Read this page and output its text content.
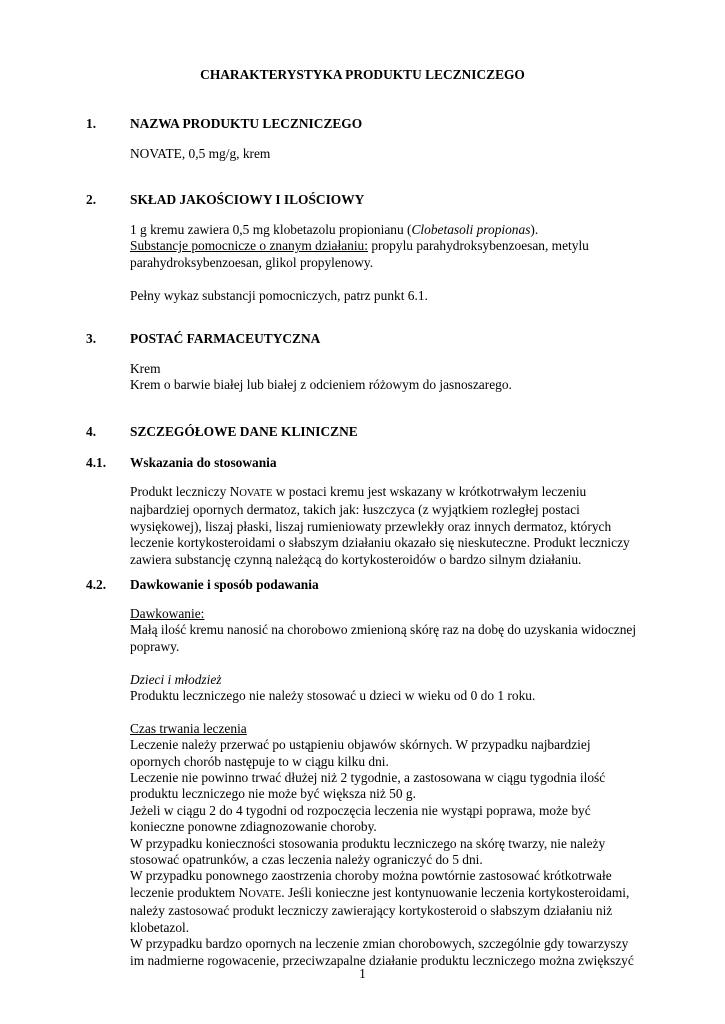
CHARAKTERYSTYKA PRODUKTU LECZNICZEGO
1.	NAZWA PRODUKTU LECZNICZEGO

NOVATE, 0,5 mg/g, krem

2.	SKŁAD JAKOŚCIOWY I ILOŚCIOWY

1 g kremu zawiera 0,5 mg klobetazolu propionianu (Clobetasoli propionas).

Substancje pomocnicze o znanym działaniu: propylu parahydroksybenzoesan, metylu

parahydroksybenzoesan, glikol propylenowy.

Pełny wykaz substancji pomocniczych, patrz punkt 6.1.

3.	POSTAĆ FARMACEUTYCZNA

Krem

Krem o barwie białej lub białej z odcieniem różowym do jasnoszarego.

4.	SZCZEGÓŁOWE DANE KLINICZNE
4.1. Wskazania do stosowania

Produkt leczniczy NOVATE w postaci kremu jest wskazany w krótkotrwałym leczeniu

najbardziej opornych dermatoz, takich jak: łuszczyca (z wyjątkiem rozległej postaci

wysiękowej), liszaj płaski, liszaj rumieniowaty przewlekły oraz innych dermatoz, których

leczenie kortykosteroidami o słabszym działaniu okazało się nieskuteczne. Produkt leczniczy

zawiera substancję czynną należącą do kortykosteroidów o bardzo silnym działaniu.

4.2. Dawkowanie i sposób podawania

Dawkowanie:

Małą ilość kremu nanosić na chorobowo zmienioną skórę raz na dobę do uzyskania widocznej

poprawy.

Dzieci i młodzież

Produktu leczniczego nie należy stosować u dzieci w wieku od 0 do 1 roku.

Czas trwania leczenia

Leczenie należy przerwać po ustąpieniu objawów skórnych. W przypadku najbardziej

opornych chorób następuje to w ciągu kilku dni.

Leczenie nie powinno trwać dłużej niż 2 tygodnie, a zastosowana w ciągu tygodnia ilość

produktu leczniczego nie może być większa niż 50 g.

Jeżeli w ciągu 2 do 4 tygodni od rozpoczęcia leczenia nie wystąpi poprawa, może być

konieczne ponowne zdiagnozowanie choroby.

W przypadku konieczności stosowania produktu leczniczego na skórę twarzy, nie należy

stosować opatrunków, a czas leczenia należy ograniczyć do 5 dni.

W przypadku ponownego zaostrzenia choroby można powtórnie zastosować krótkotrwałe

leczenie produktem NOVATE. Jeśli konieczne jest kontynuowanie leczenia kortykosteroidami,

należy zastosować produkt leczniczy zawierający kortykosteroid o słabszym działaniu niż

klobetazol.

W przypadku bardzo opornych na leczenie zmian chorobowych, szczególnie gdy towarzyszy

im nadmierne rogowacenie, przeciwzapalne działanie produktu leczniczego można zwiększyć

1
